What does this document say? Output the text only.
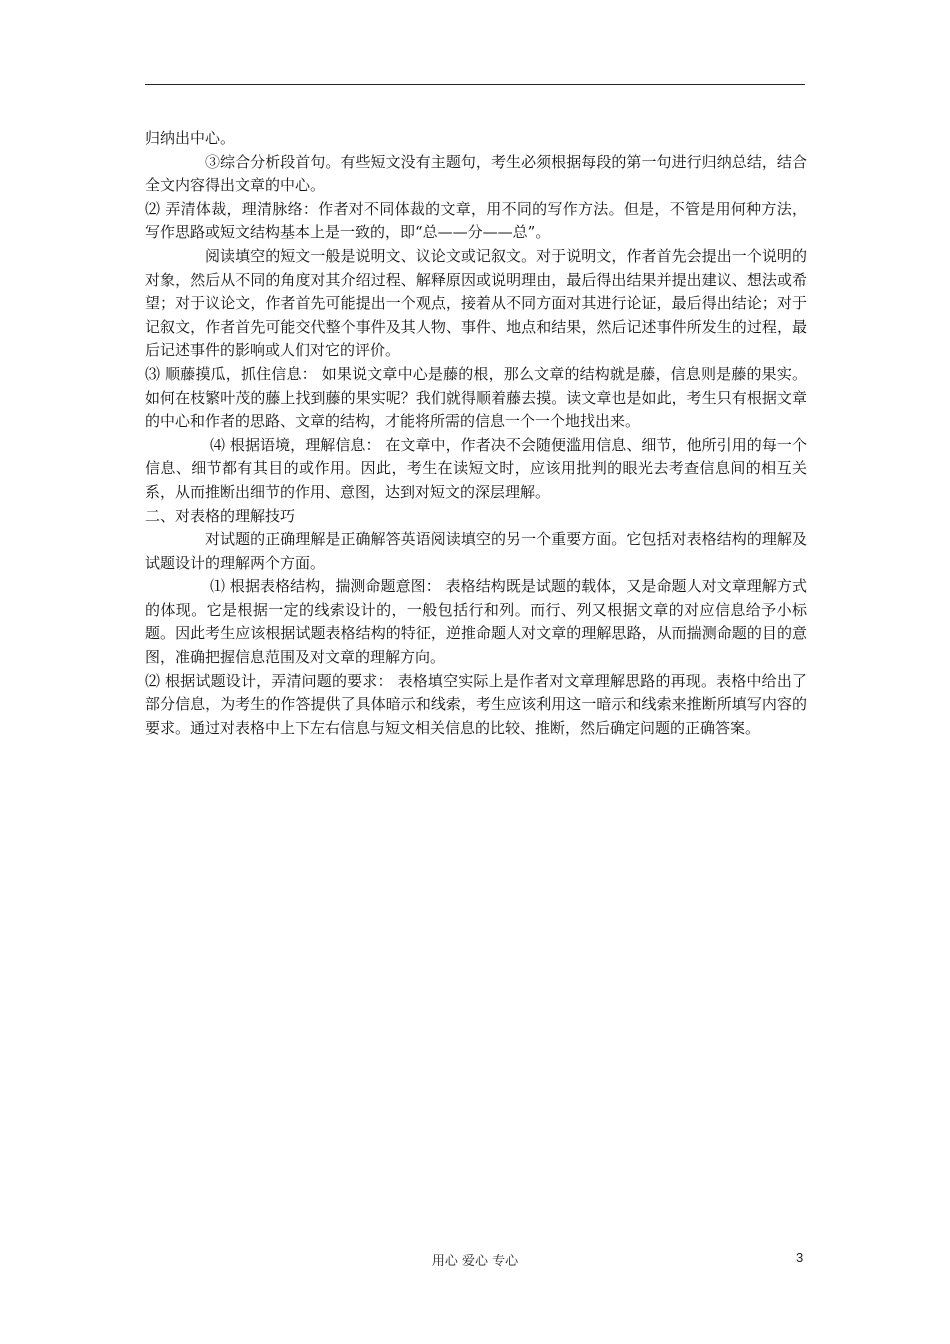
归纳出中心。

③综合分析段首句。有些短文没有主题句，考生必须根据每段的第一句进行归纳总结，结合全文内容得出文章的中心。

⑵ 弄清体裁，理清脉络：作者对不同体裁的文章，用不同的写作方法。但是，不管是用何种方法，写作思路或短文结构基本上是一致的，即“总——分——总”。

阅读填空的短文一般是说明文、议论文或记叙文。对于说明文，作者首先会提出一个说明的对象，然后从不同的角度对其介绍过程、解释原因或说明理由，最后得出结果并提出建议、想法或希望；对于议论文，作者首先可能提出一个观点，接着从不同方面对其进行论证，最后得出结论；对于记叙文，作者首先可能交代整个事件及其人物、事件、地点和结果，然后记述事件所发生的过程，最后记述事件的影响或人们对它的评价。

⑶ 顺藤摸瓜，抓住信息： 如果说文章中心是藤的根，那么文章的结构就是藤，信息则是藤的果实。如何在枝繁叶茂的藤上找到藤的果实呢？我们就得顺着藤去摸。读文章也是如此，考生只有根据文章的中心和作者的思路、文章的结构，才能将所需的信息一个一个地找出来。

⑷ 根据语境，理解信息： 在文章中，作者决不会随便滥用信息、细节，他所引用的每一个信息、细节都有其目的或作用。因此，考生在读短文时，应该用批判的眼光去考查信息间的相互关系，从而推断出细节的作用、意图，达到对短文的深层理解。

二、对表格的理解技巧

对试题的正确理解是正确解答英语阅读填空的另一个重要方面。它包括对表格结构的理解及试题设计的理解两个方面。

⑴ 根据表格结构，揣测命题意图： 表格结构既是试题的载体，又是命题人对文章理解方式的体现。它是根据一定的线索设计的，一般包括行和列。而行、列又根据文章的对应信息给予小标题。因此考生应该根据试题表格结构的特征，逆推命题人对文章的理解思路，从而揣测命题的目的意图，准确把握信息范围及对文章的理解方向。

⑵ 根据试题设计，弄清问题的要求： 表格填空实际上是作者对文章理解思路的再现。表格中给出了部分信息，为考生的作答提供了具体暗示和线索，考生应该利用这一暗示和线索来推断所填写内容的要求。通过对表格中上下左右信息与短文相关信息的比较、推断，然后确定问题的正确答案。

用心 爱心 专心	3
